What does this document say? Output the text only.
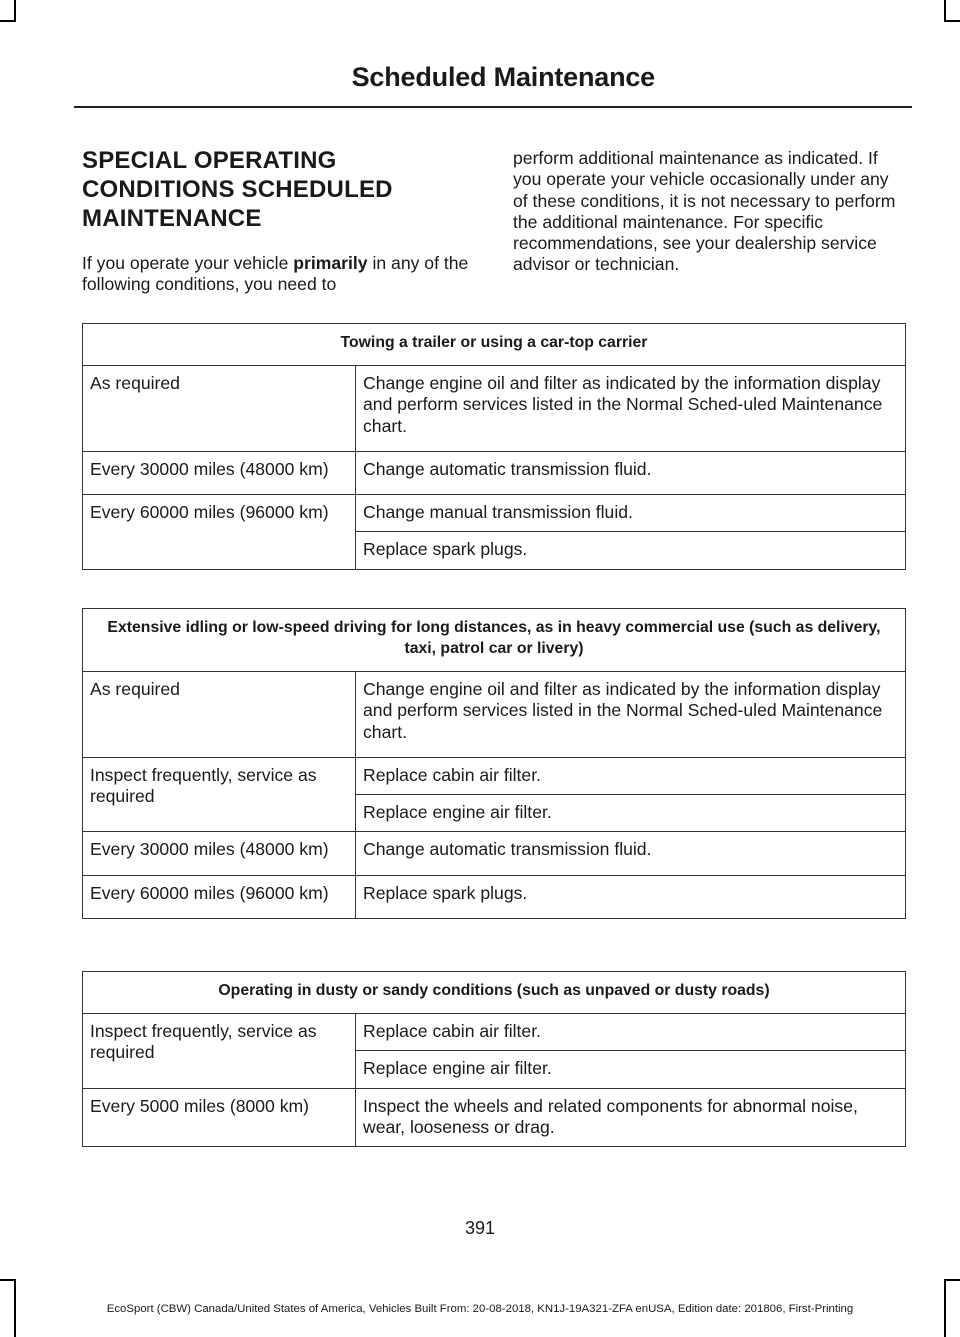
Scheduled Maintenance
SPECIAL OPERATING
CONDITIONS SCHEDULED
MAINTENANCE

If you operate your vehicle primarily in any of the following conditions, you need to

perform additional maintenance as indicated. If you operate your vehicle occasionally under any of these conditions, it is not necessary to perform the additional maintenance. For specific recommendations, see your dealership service advisor or technician.

Towing a trailer or using a car-top carrier	
As required	Change engine oil and filter as indicated by the information display and perform services listed in the Normal Sched-uled Maintenance chart.
Every 30000 miles (48000 km)	Change automatic transmission fluid.
Every 60000 miles (96000 km)	Change manual transmission fluid.
	Replace spark plugs.
Extensive idling or low-speed driving for long distances, as in heavy commercial use (such as delivery, taxi, patrol car or livery)	
As required	Change engine oil and filter as indicated by the information display and perform services listed in the Normal Sched-uled Maintenance chart.
Inspect frequently, service as required	Replace cabin air filter.
	Replace engine air filter.
Every 30000 miles (48000 km)	Change automatic transmission fluid.
Every 60000 miles (96000 km)	Replace spark plugs.
Operating in dusty or sandy conditions (such as unpaved or dusty roads)	
Inspect frequently, service as required	Replace cabin air filter.
	Replace engine air filter.
Every 5000 miles (8000 km)	Inspect the wheels and related components for abnormal noise, wear, looseness or drag.
391
EcoSport (CBW) Canada/United States of America, Vehicles Built From: 20-08-2018, KN1J-19A321-ZFA enUSA, Edition date: 201806, First-Printing
